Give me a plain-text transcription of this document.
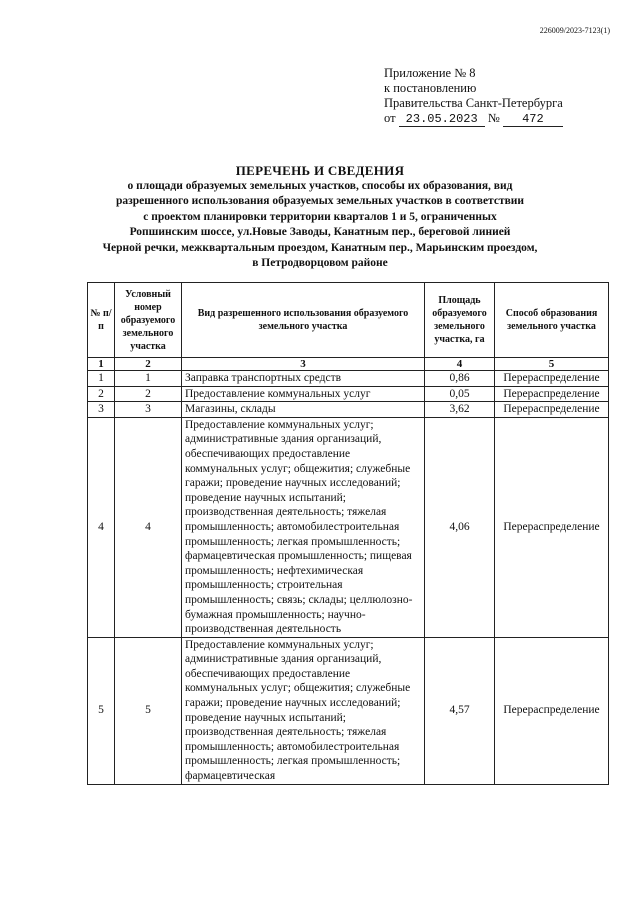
226009/2023-7123(1)
Приложение № 8
к постановлению
Правительства Санкт-Петербурга
от 23.05.2023 № 472
ПЕРЕЧЕНЬ И СВЕДЕНИЯ
о площади образуемых земельных участков, способы их образования, вид
разрешенного использования образуемых земельных участков в соответствии
с проектом планировки территории кварталов 1 и 5, ограниченных
Ропшинским шоссе, ул.Новые Заводы, Канатным пер., береговой линией
Черной речки, межквартальным проездом, Канатным пер., Марьинским проездом,
в Петродворцовом районе
№ п/п	Условный номер образуемого земельного участка	Вид разрешенного использования образуемого земельного участка	Площадь образуемого земельного участка, га	Способ образования земельного участка
1	2	3	4	5
1	1	Заправка транспортных средств	0,86	Перераспределение
2	2	Предоставление коммунальных услуг	0,05	Перераспределение
3	3	Магазины, склады	3,62	Перераспределение
4	4	Предоставление коммунальных услуг; административные здания организаций, обеспечивающих предоставление коммунальных услуг; общежития; служебные гаражи; проведение научных исследований; проведение научных испытаний; производственная деятельность; тяжелая промышленность; автомобилестроительная промышленность; легкая промышленность; фармацевтическая промышленность; пищевая промышленность; нефтехимическая промышленность; строительная промышленность; связь; склады; целлюлозно-бумажная промышленность; научно-производственная деятельность	4,06	Перераспределение
5	5	Предоставление коммунальных услуг; административные здания организаций, обеспечивающих предоставление коммунальных услуг; общежития; служебные гаражи; проведение научных исследований; проведение научных испытаний; производственная деятельность; тяжелая промышленность; автомобилестроительная промышленность; легкая промышленность; фармацевтическая	4,57	Перераспределение
